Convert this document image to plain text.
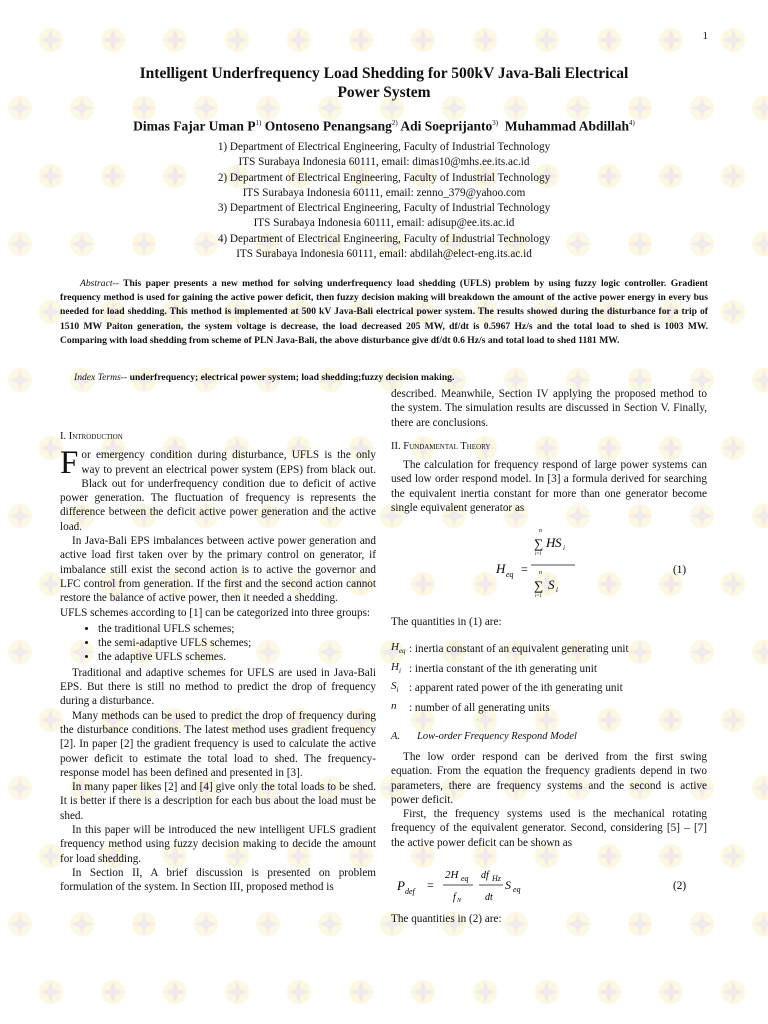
1
Intelligent Underfrequency Load Shedding for 500kV Java-Bali Electrical
Power System
Dimas Fajar Uman $P^{1)}$ Ontoseno Penangsang$^{2)}$ Adi Soeprijanto$^{3)}$ Muhammad Abdillah$^{4)}$
1) Department of Electrical Engineering, Faculty of Industrial Technology
ITS Surabaya Indonesia 60111, email: dimas10@mhs.ee.its.ac.id
2) Department of Electrical Engineering, Faculty of Industrial Technology
ITS Surabaya Indonesia 60111, email: zenno_379@yahoo.com
3) Department of Electrical Engineering, Faculty of Industrial Technology
ITS Surabaya Indonesia 60111, email: adisup@ee.its.ac.id
4) Department of Electrical Engineering, Faculty of Industrial Technology
ITS Surabaya Indonesia 60111, email: abdilah@elect-eng.its.ac.id
Abstract-- This paper presents a new method for solving underfrequency load shedding (UFLS) problem by using fuzzy logic controller. Gradient frequency method is used for gaining the active power deficit, then fuzzy decision making will breakdown the amount of the active power energy in every bus needed for load shedding. This method is implemented at 500 kV Java-Bali electrical power system. The results showed during the disturbance for a trip of 1510 MW Paiton generation, the system voltage is decrease, the load decreased 205 MW, df/dt is 0.5967 Hz/s and the total load to shed is 1003 MW. Comparing with load shedding from scheme of PLN Java-Bali, the above disturbance give df/dt 0.6 Hz/s and total load to shed 1181 MW.
Index Terms-- underfrequency; electrical power system; load shedding;fuzzy decision making.
I. Introduction

For emergency condition during disturbance, UFLS is the only way to prevent an electrical power system (EPS) from black out. Black out for underfrequency condition due to deficit of active power generation. The fluctuation of frequency is represents the difference between the deficit active power generation and the active load.

In Java-Bali EPS imbalances between active power generation and active load first taken over by the primary control on generator, if imbalance still exist the second action is to active the governor and LFC control from generation. If the first and the second action cannot restore the balance of active power, then it needed a shedding.

UFLS schemes according to [1] can be categorized into three groups:

• the traditional UFLS schemes;
• the semi-adaptive UFLS schemes;
• the adaptive UFLS schemes.

Traditional and adaptive schemes for UFLS are used in Java-Bali EPS. But there is still no method to predict the drop of frequency during a disturbance.

Many methods can be used to predict the drop of frequency during the disturbance conditions. The latest method uses gradient frequency [2]. In paper [2] the gradient frequency is used to calculate the active power deficit to estimate the total load to shed. The frequency-response model has been defined and presented in [3].

In many paper likes [2] and [4] give only the total loads to be shed. It is better if there is a description for each bus about the load must be shed.

In this paper will be introduced the new intelligent UFLS gradient frequency method using fuzzy decision making to decide the amount for load shedding.

In Section II, A brief discussion is presented on problem formulation of the system. In Section III, proposed method is

described. Meanwhile, Section IV applying the proposed method to the system. The simulation results are discussed in Section V. Finally, there are conclusions.

II. Fundamental Theory

The calculation for frequency respond of large power systems can used low order respond model. In [3] a formula derived for searching the equivalent inertia constant for more than one generator become single equivalent generator as

H eq =
n
∑
i=1
H S i
n
∑
i=1
S i
(1)

The quantities in (1) are:

$H_{eq}$ : inertia constant of an equivalent generating unit
$H_i$ : inertia constant of the ith generating unit
$S_i$ : apparent rated power of the ith generating unit
n	: number of all generating units
A. Low-order Frequency Respond Model

The low order respond can be derived from the first swing equation. From the equation the frequency gradients depend in two parameters, there are frequency systems and the second is active power deficit.

First, the frequency systems used is the mechanical rotating frequency of the equivalent generator. Second, considering [5] – [7] the active power deficit can be shown as

P def =
2H eq
f N
df Hz
dt
S eq	(2)

The quantities in (2) are:
